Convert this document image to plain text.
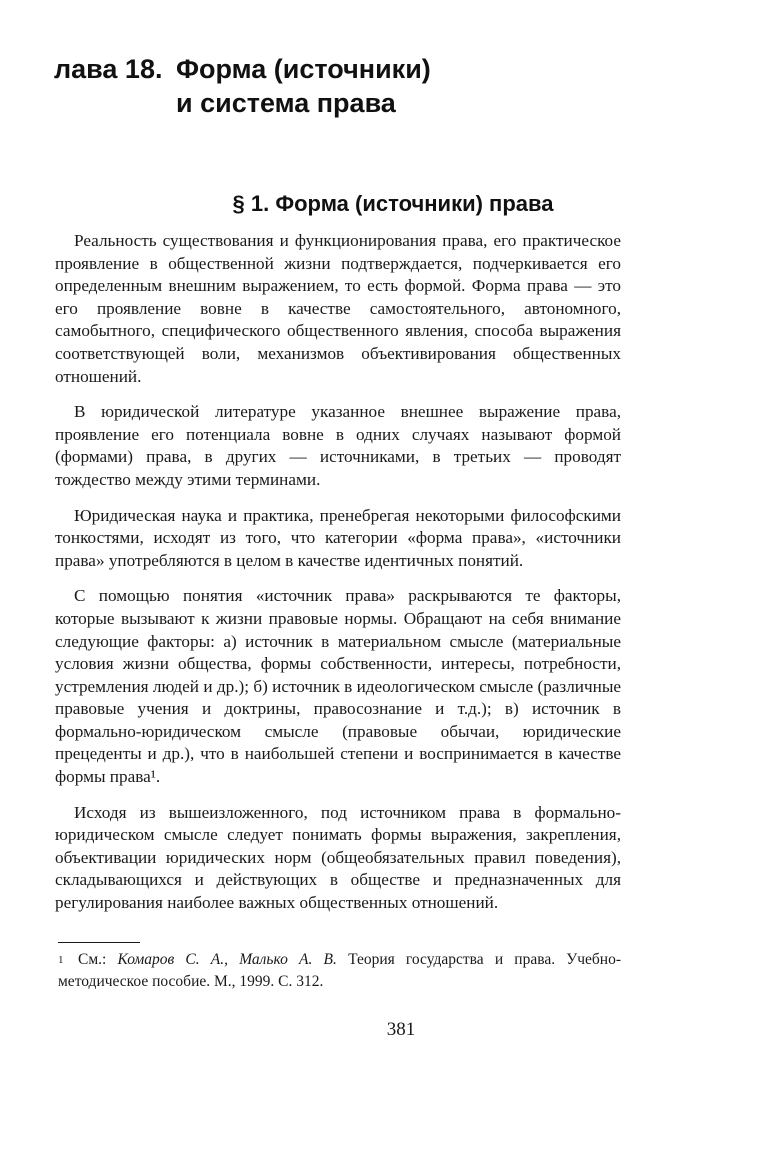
лава 18. Форма (источники)
и система права
§ 1. Форма (источники) права

Реальность существования и функционирования права, его практическое проявление в общественной жизни подтверждается, подчеркивается его определенным внешним выражением, то есть формой. Форма права — это его проявление вовне в качестве самостоятельного, автономного, самобытного, специфического общественного явления, способа выражения соответствующей воли, механизмов объективирования общественных отношений.

В юридической литературе указанное внешнее выражение права, проявление его потенциала вовне в одних случаях называют формой (формами) права, в других — источниками, в третьих — проводят тождество между этими терминами.

Юридическая наука и практика, пренебрегая некоторыми философскими тонкостями, исходят из того, что категории «форма права», «источники права» употребляются в целом в качестве идентичных понятий.

С помощью понятия «источник права» раскрываются те факторы, которые вызывают к жизни правовые нормы. Обращают на себя внимание следующие факторы: а) источник в материальном смысле (материальные условия жизни общества, формы собственности, интересы, потребности, устремления людей и др.); б) источник в идеологическом смысле (различные правовые учения и доктрины, правосознание и т.д.); в) источник в формально-юридическом смысле (правовые обычаи, юридические прецеденты и др.), что в наибольшей степени и воспринимается в качестве формы права¹.

Исходя из вышеизложенного, под источником права в формально-юридическом смысле следует понимать формы выражения, закрепления, объективации юридических норм (общеобязательных правил поведения), складывающихся и действующих в обществе и предназначенных для регулирования наиболее важных общественных отношений.

1 См.: Комаров С. А., Малько А. В. Теория государства и права. Учебно-методическое пособие. М., 1999. С. 312.
381
